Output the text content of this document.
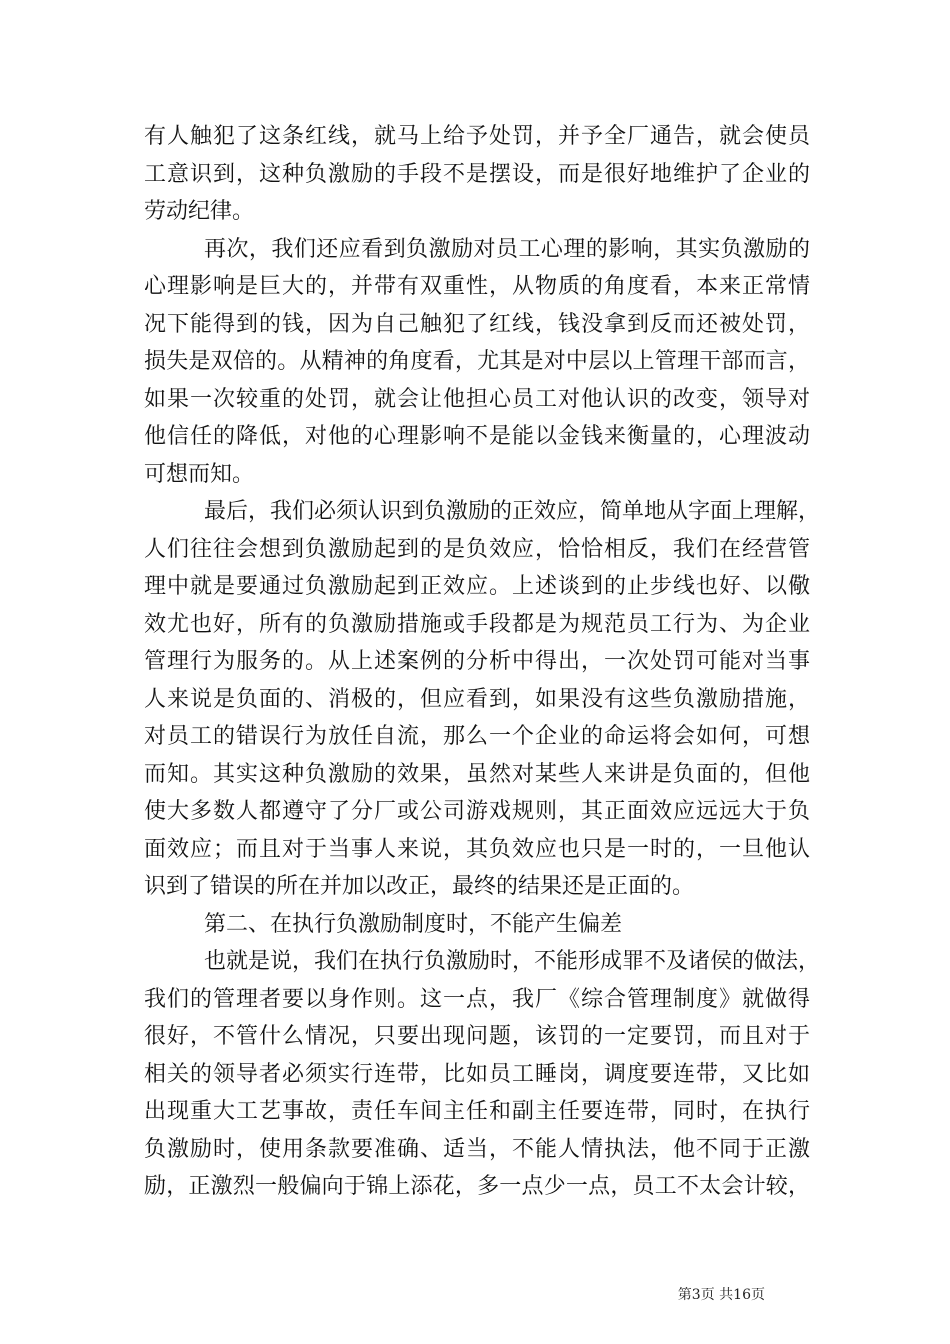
有人触犯了这条红线，就马上给予处罚，并予全厂通告，就会使员
工意识到，这种负激励的手段不是摆设，而是很好地维护了企业的
劳动纪律。
再次，我们还应看到负激励对员工心理的影响，其实负激励的
心理影响是巨大的，并带有双重性，从物质的角度看，本来正常情
况下能得到的钱，因为自己触犯了红线，钱没拿到反而还被处罚，
损失是双倍的。从精神的角度看，尤其是对中层以上管理干部而言，
如果一次较重的处罚，就会让他担心员工对他认识的改变，领导对
他信任的降低，对他的心理影响不是能以金钱来衡量的，心理波动
可想而知。
最后，我们必须认识到负激励的正效应，简单地从字面上理解，
人们往往会想到负激励起到的是负效应，恰恰相反，我们在经营管
理中就是要通过负激励起到正效应。上述谈到的止步线也好、以儆
效尤也好，所有的负激励措施或手段都是为规范员工行为、为企业
管理行为服务的。从上述案例的分析中得出，一次处罚可能对当事
人来说是负面的、消极的，但应看到，如果没有这些负激励措施，
对员工的错误行为放任自流，那么一个企业的命运将会如何，可想
而知。其实这种负激励的效果，虽然对某些人来讲是负面的，但他
使大多数人都遵守了分厂或公司游戏规则，其正面效应远远大于负
面效应；而且对于当事人来说，其负效应也只是一时的，一旦他认
识到了错误的所在并加以改正，最终的结果还是正面的。
第二、在执行负激励制度时，不能产生偏差
也就是说，我们在执行负激励时，不能形成罪不及诸侯的做法，
我们的管理者要以身作则。这一点，我厂《综合管理制度》就做得
很好，不管什么情况，只要出现问题，该罚的一定要罚，而且对于
相关的领导者必须实行连带，比如员工睡岗，调度要连带，又比如
出现重大工艺事故，责任车间主任和副主任要连带，同时，在执行
负激励时，使用条款要准确、适当，不能人情执法，他不同于正激
励，正激烈一般偏向于锦上添花，多一点少一点，员工不太会计较，
第3页 共16页
